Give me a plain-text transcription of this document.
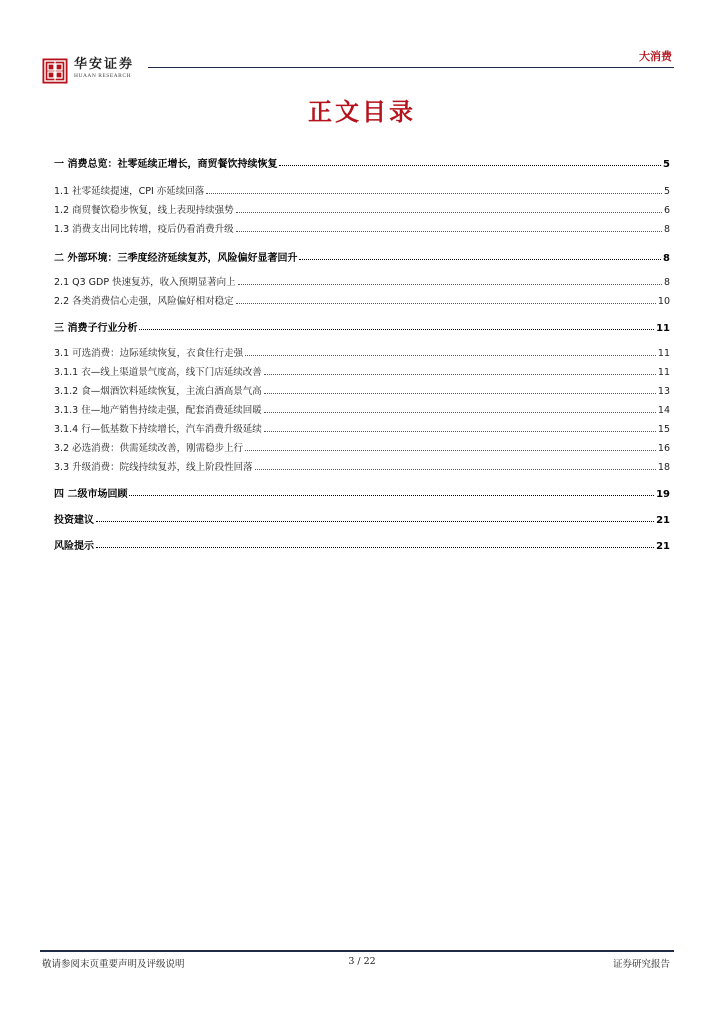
华安证券
HUAAN RESEARCH
大消费
正文目录
一 消费总览：社零延续正增长，商贸餐饮持续恢复	5
1.1 社零延续提速，CPI 亦延续回落	5
1.2 商贸餐饮稳步恢复，线上表现持续强势	6
1.3 消费支出同比转增，疫后仍看消费升级	8
二 外部环境：三季度经济延续复苏，风险偏好显著回升	8
2.1 Q3 GDP 快速复苏，收入预期显著向上	8
2.2 各类消费信心走强，风险偏好相对稳定	10
三 消费子行业分析	11
3.1 可选消费：边际延续恢复，衣食住行走强	11
3.1.1 衣—线上渠道景气度高，线下门店延续改善	11
3.1.2 食—烟酒饮料延续恢复，主流白酒高景气高	13
3.1.3 住—地产销售持续走强，配套消费延续回暖	14
3.1.4 行—低基数下持续增长，汽车消费升级延续	15
3.2 必选消费：供需延续改善，刚需稳步上行	16
3.3 升级消费：院线持续复苏，线上阶段性回落	18
四 二级市场回顾	19
投资建议	21
风险提示	21
敬请参阅末页重要声明及评级说明	3 / 22	证券研究报告
